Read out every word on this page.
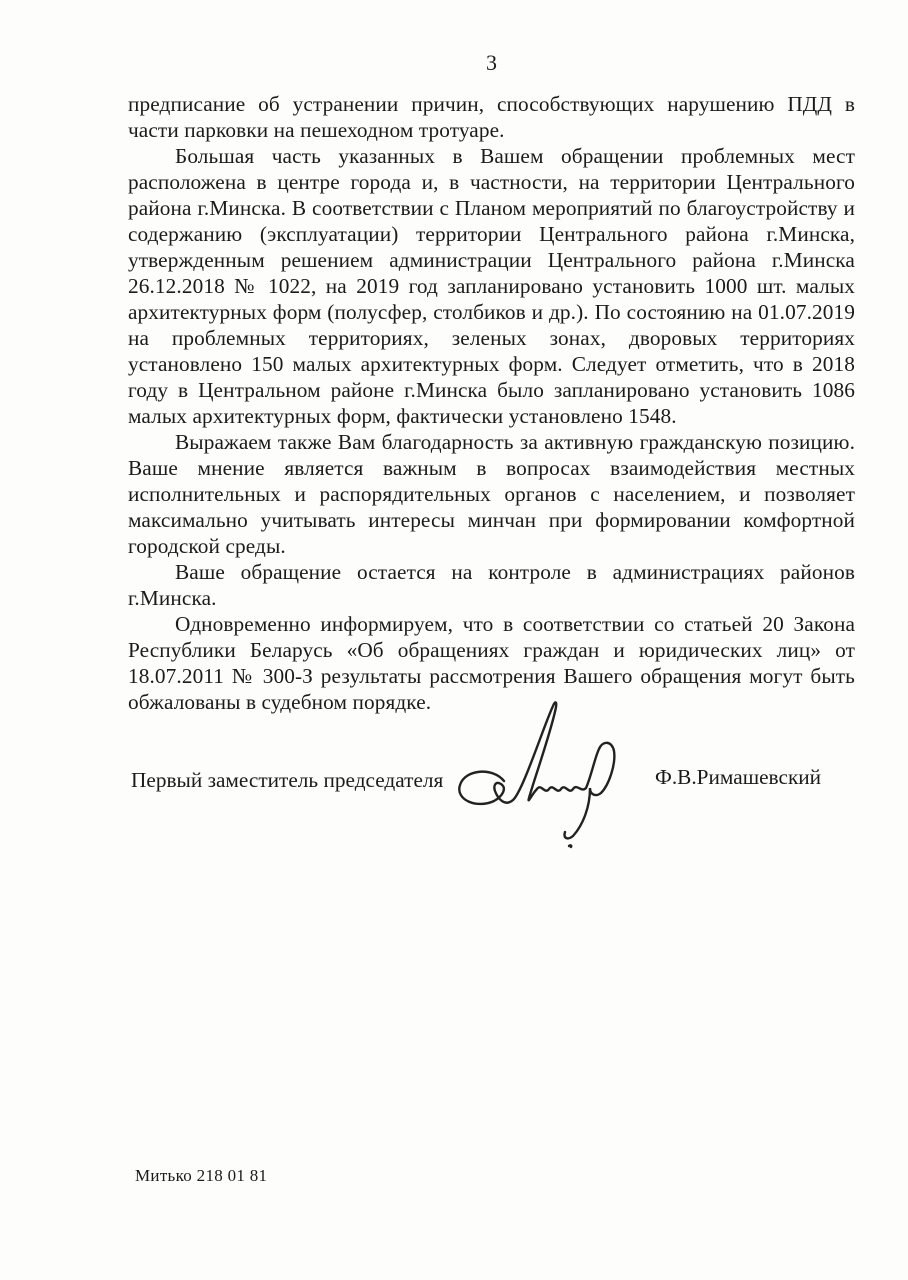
3

предписание об устранении причин, способствующих нарушению ПДД в части парковки на пешеходном тротуаре.

Большая часть указанных в Вашем обращении проблемных мест расположена в центре города и, в частности, на территории Центрального района г.Минска. В соответствии с Планом мероприятий по благоустройству и содержанию (эксплуатации) территории Центрального района г.Минска, утвержденным решением администрации Центрального района г.Минска 26.12.2018 № 1022, на 2019 год запланировано установить 1000 шт. малых архитектурных форм (полусфер, столбиков и др.). По состоянию на 01.07.2019 на проблемных территориях, зеленых зонах, дворовых территориях установлено 150 малых архитектурных форм. Следует отметить, что в 2018 году в Центральном районе г.Минска было запланировано установить 1086 малых архитектурных форм, фактически установлено 1548.

Выражаем также Вам благодарность за активную гражданскую позицию. Ваше мнение является важным в вопросах взаимодействия местных исполнительных и распорядительных органов с населением, и позволяет максимально учитывать интересы минчан при формировании комфортной городской среды.

Ваше обращение остается на контроле в администрациях районов г.Минска.

Одновременно информируем, что в соответствии со статьей 20 Закона Республики Беларусь «Об обращениях граждан и юридических лиц» от 18.07.2011 № 300-З результаты рассмотрения Вашего обращения могут быть обжалованы в судебном порядке.

Первый заместитель председателя	Ф.В.Римашевский
Митько 218 01 81
